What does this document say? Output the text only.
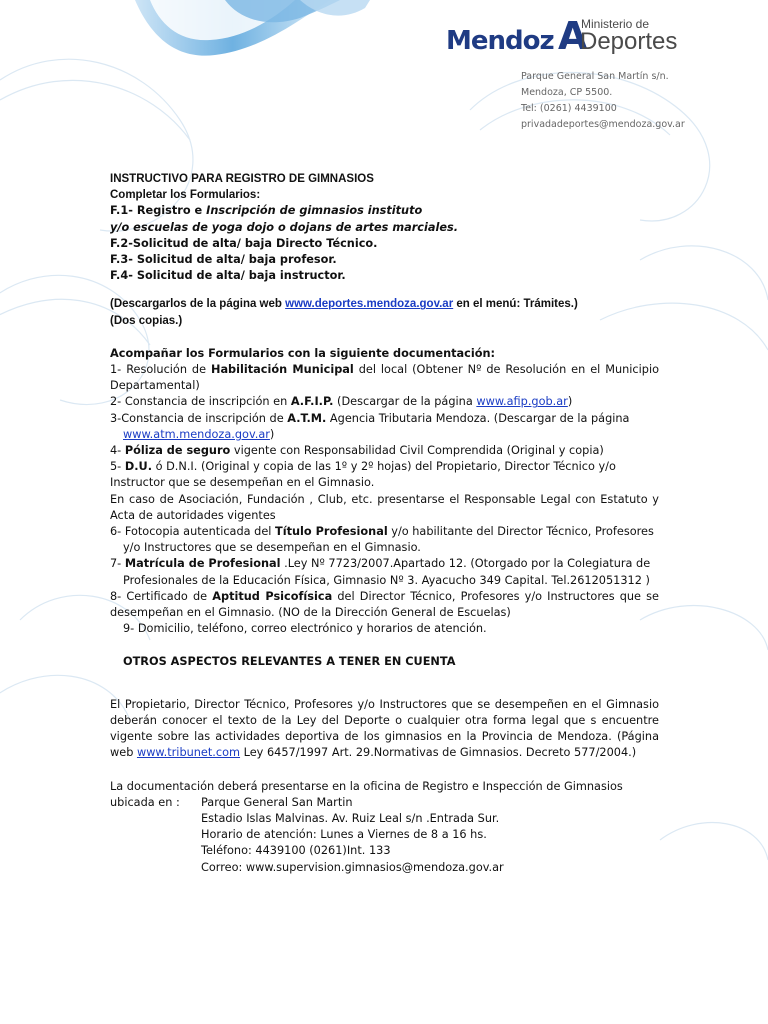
Mendoz A
Ministerio de
Deportes
Parque General San Martín s/n.
Mendoza, CP 5500.
Tel: (0261) 4439100
privadadeportes@mendoza.gov.ar
INSTRUCTIVO PARA REGISTRO DE GIMNASIOS
Completar los Formularios:
F.1- Registro e Inscripción de gimnasios instituto
y/o escuelas de yoga dojo o dojans de artes marciales.
F.2-Solicitud de alta/ baja Directo Técnico.
F.3- Solicitud de alta/ baja profesor.
F.4- Solicitud de alta/ baja instructor.
(Descargarlos de la página web www.deportes.mendoza.gov.ar en el menú: Trámites.)
(Dos copias.)
Acompañar los Formularios con la siguiente documentación:
1- Resolución de Habilitación Municipal del local (Obtener Nº de Resolución en el Municipio Departamental)
2- Constancia de inscripción en A.F.I.P. (Descargar de la página www.afip.gob.ar)
3-Constancia de inscripción de A.T.M. Agencia Tributaria Mendoza. (Descargar de la página
www.atm.mendoza.gov.ar)
4- Póliza de seguro vigente con Responsabilidad Civil Comprendida (Original y copia)
5- D.U. ó D.N.I. (Original y copia de las 1º y 2º hojas) del Propietario, Director Técnico y/o
Instructor que se desempeñan en el Gimnasio.
En caso de Asociación, Fundación , Club, etc. presentarse el Responsable Legal con Estatuto y Acta de autoridades vigentes
6- Fotocopia autenticada del Título Profesional y/o habilitante del Director Técnico, Profesores
y/o Instructores que se desempeñan en el Gimnasio.
7- Matrícula de Profesional .Ley Nº 7723/2007.Apartado 12. (Otorgado por la Colegiatura de
Profesionales de la Educación Física, Gimnasio Nº 3. Ayacucho 349 Capital. Tel.2612051312 )
8- Certificado de Aptitud Psicofísica del Director Técnico, Profesores y/o Instructores que se desempeñan en el Gimnasio. (NO de la Dirección General de Escuelas)
9- Domicilio, teléfono, correo electrónico y horarios de atención.
OTROS ASPECTOS RELEVANTES A TENER EN CUENTA
El Propietario, Director Técnico, Profesores y/o Instructores que se desempeñen en el Gimnasio deberán conocer el texto de la Ley del Deporte o cualquier otra forma legal que s encuentre vigente sobre las actividades deportiva de los gimnasios en la Provincia de Mendoza. (Página web www.tribunet.com Ley 6457/1997 Art. 29.Normativas de Gimnasios. Decreto 577/2004.)
La documentación deberá presentarse en la oficina de Registro e Inspección de Gimnasios
ubicada en : Parque General San Martin
Estadio Islas Malvinas. Av. Ruiz Leal s/n .Entrada Sur.
Horario de atención: Lunes a Viernes de 8 a 16 hs.
Teléfono: 4439100 (0261)Int. 133
Correo: www.supervision.gimnasios@mendoza.gov.ar
